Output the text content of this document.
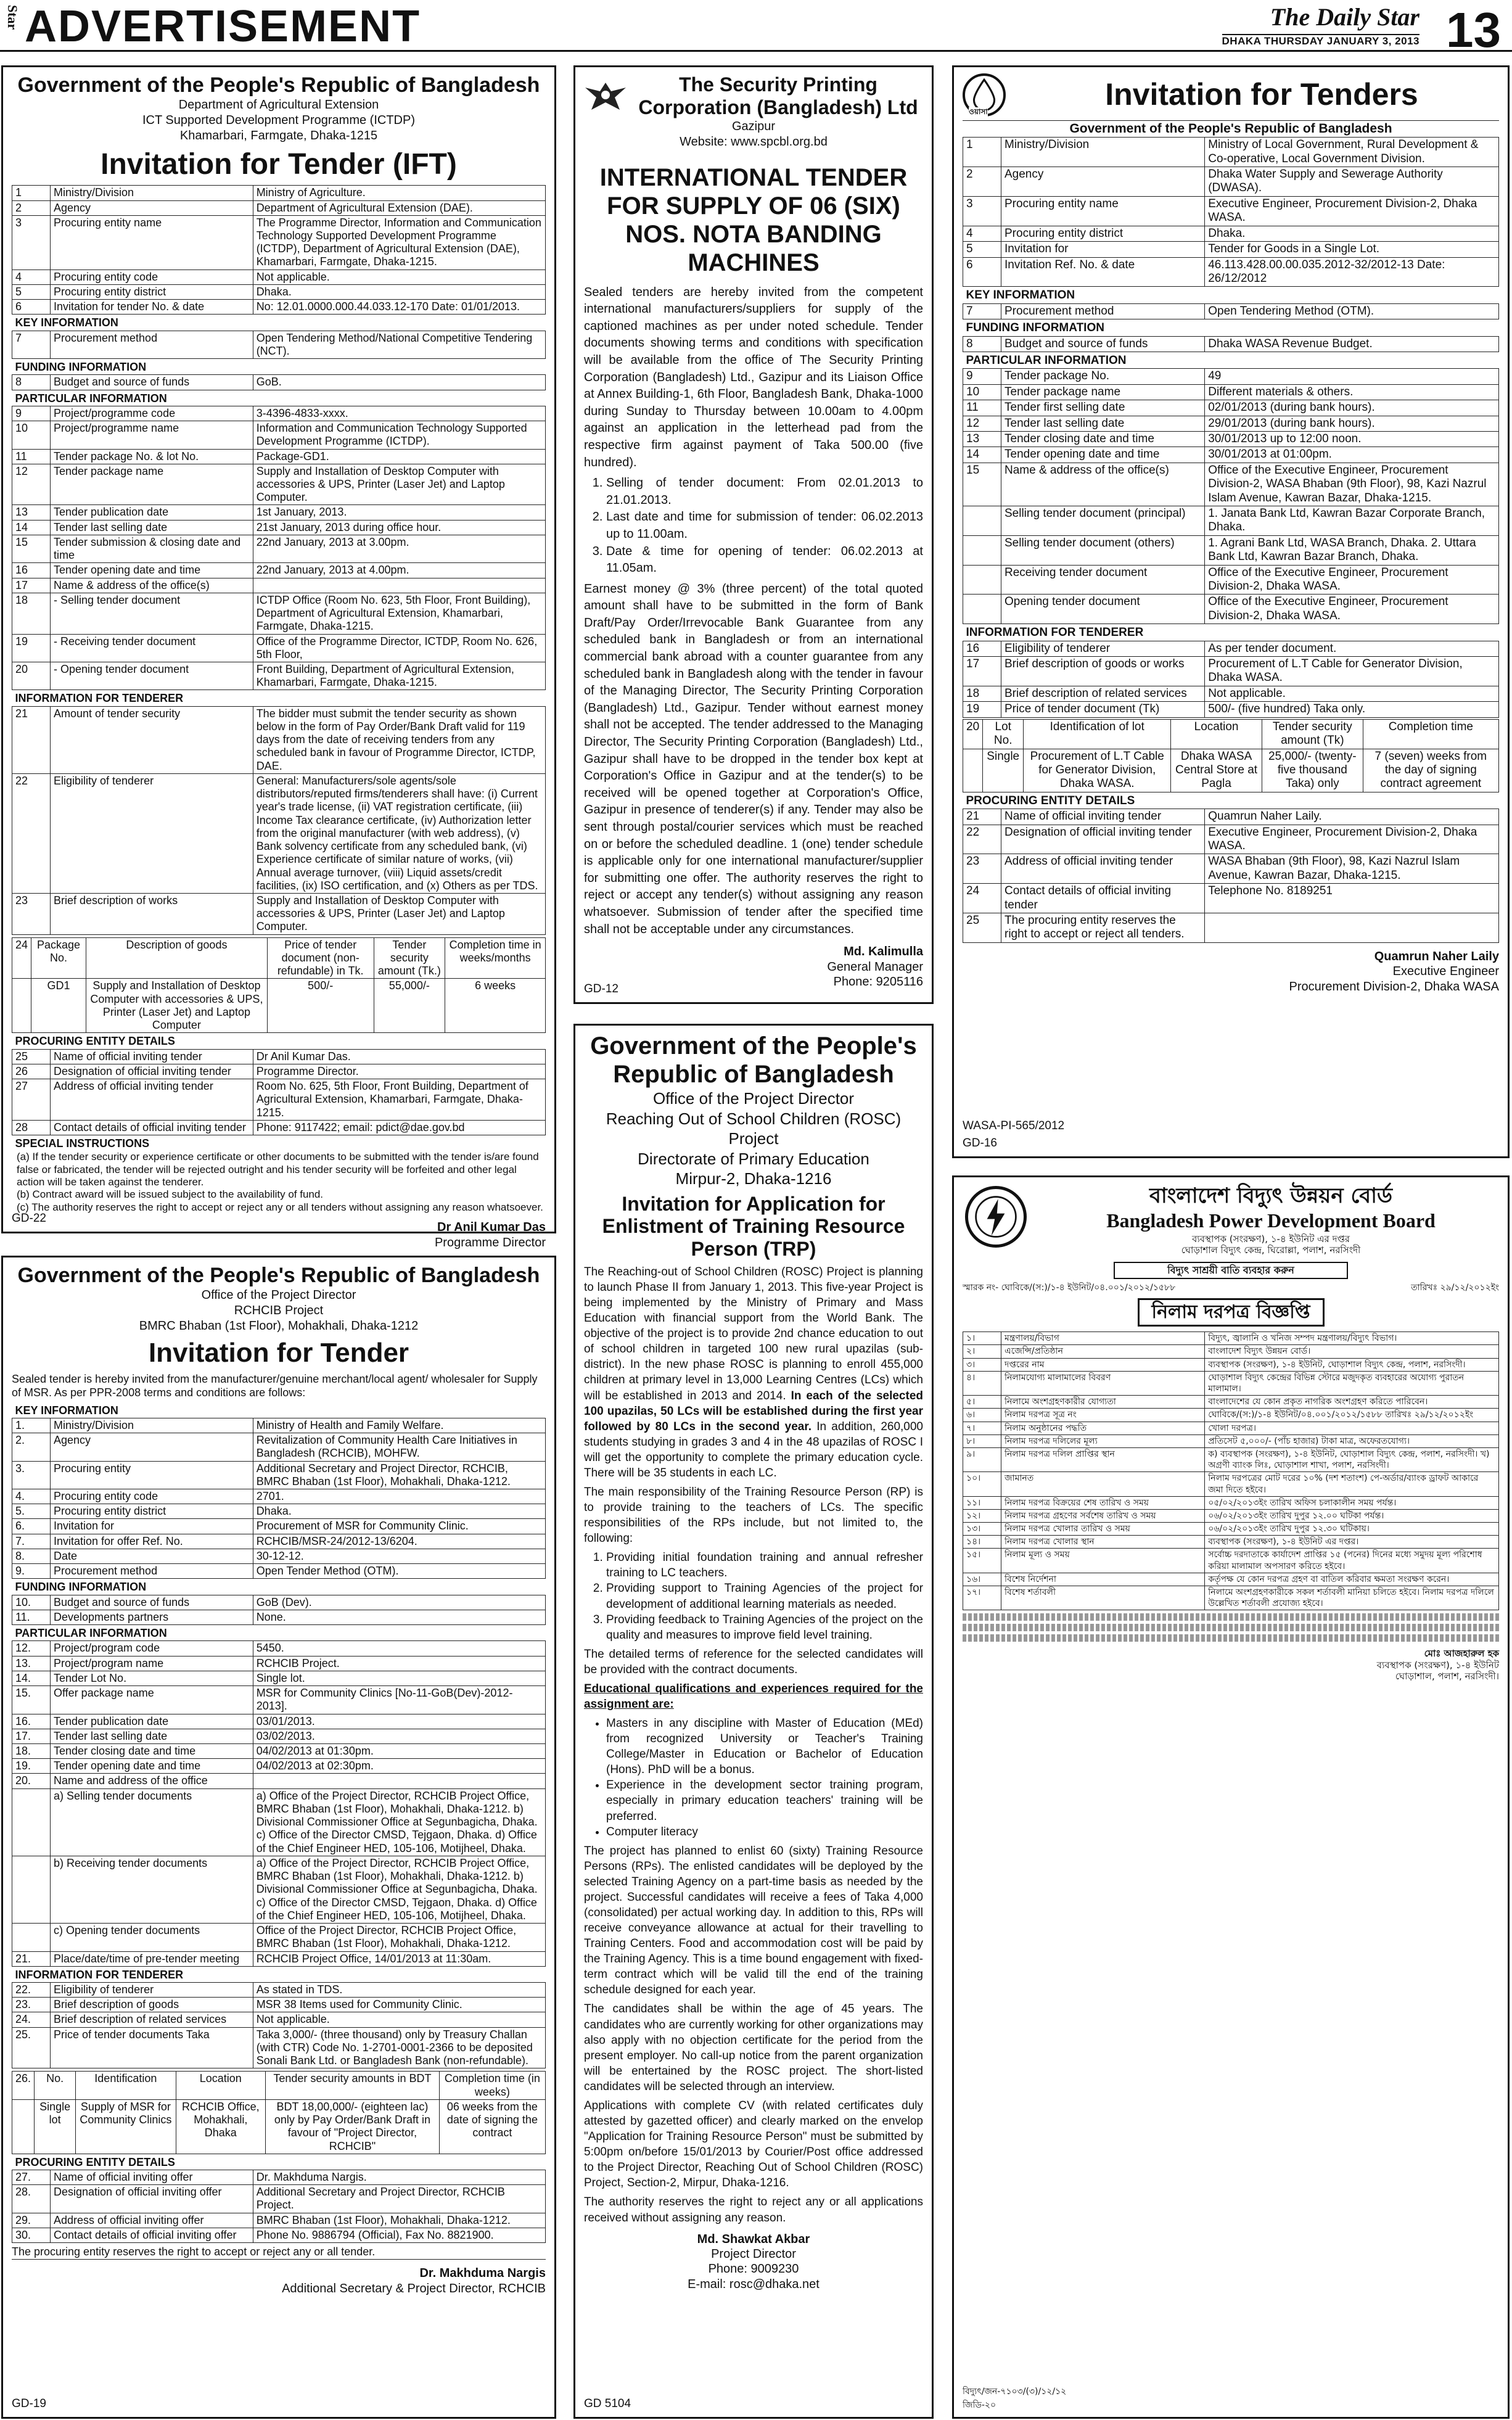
Star ADVERTISEMENT	The Daily Star
DHAKA THURSDAY JANUARY 3, 2013 13
Government of the People's Republic of Bangladesh
Department of Agricultural Extension
ICT Supported Development Programme (ICTDP)
Khamarbari, Farmgate, Dhaka-1215
Invitation for Tender (IFT)
1	Ministry/Division	Ministry of Agriculture.
2	Agency	Department of Agricultural Extension (DAE).
3	Procuring entity name	The Programme Director, Information and Communication Technology Supported Development Programme (ICTDP), Department of Agricultural Extension (DAE), Khamarbari, Farmgate, Dhaka-1215.
4	Procuring entity code	Not applicable.
5	Procuring entity district	Dhaka.
6	Invitation for tender No. & date	No: 12.01.0000.000.44.033.12-170 Date: 01/01/2013.
KEY INFORMATION		
7	Procurement method	Open Tendering Method/National Competitive Tendering (NCT).
FUNDING INFORMATION		
8	Budget and source of funds	GoB.
PARTICULAR INFORMATION		
9	Project/programme code	3-4396-4833-xxxx.
10	Project/programme name	Information and Communication Technology Supported Development Programme (ICTDP).
11	Tender package No. & lot No.	Package-GD1.
12	Tender package name	Supply and Installation of Desktop Computer with accessories & UPS, Printer (Laser Jet) and Laptop Computer.
13	Tender publication date	1st January, 2013.
14	Tender last selling date	21st January, 2013 during office hour.
15	Tender submission & closing date and time	22nd January, 2013 at 3.00pm.
16	Tender opening date and time	22nd January, 2013 at 4.00pm.
17	Name & address of the office(s)	
18	- Selling tender document	ICTDP Office (Room No. 623, 5th Floor, Front Building), Department of Agricultural Extension, Khamarbari, Farmgate, Dhaka-1215.
19	- Receiving tender document	Office of the Programme Director, ICTDP, Room No. 626, 5th Floor,
20	- Opening tender document	Front Building, Department of Agricultural Extension, Khamarbari, Farmgate, Dhaka-1215.
INFORMATION FOR TENDERER		
21	Amount of tender security	The bidder must submit the tender security as shown below in the form of Pay Order/Bank Draft valid for 119 days from the date of receiving tenders from any scheduled bank in favour of Programme Director, ICTDP, DAE.
22	Eligibility of tenderer	General: Manufacturers/sole agents/sole distributors/reputed firms/tenderers shall have: (i) Current year's trade license, (ii) VAT registration certificate, (iii) Income Tax clearance certificate, (iv) Authorization letter from the original manufacturer (with web address), (v) Bank solvency certificate from any scheduled bank, (vi) Experience certificate of similar nature of works, (vii) Annual average turnover, (viii) Liquid assets/credit facilities, (ix) ISO certification, and (x) Others as per TDS.
23	Brief description of works	Supply and Installation of Desktop Computer with accessories & UPS, Printer (Laser Jet) and Laptop Computer.
24	Package No.	Description of goods	Price of tender document (non-refundable) in Tk.	Tender security amount (Tk.)	Completion time in weeks/months
	GD1	Supply and Installation of Desktop Computer with accessories & UPS, Printer (Laser Jet) and Laptop Computer	500/-	55,000/-	6 weeks
PROCURING ENTITY DETAILS		
25	Name of official inviting tender	Dr Anil Kumar Das.
26	Designation of official inviting tender	Programme Director.
27	Address of official inviting tender	Room No. 625, 5th Floor, Front Building, Department of Agricultural Extension, Khamarbari, Farmgate, Dhaka-1215.
28	Contact details of official inviting tender	Phone: 9117422; email: pdict@dae.gov.bd
SPECIAL INSTRUCTIONS		
(a) If the tender security or experience certificate or other documents to be submitted with the tender is/are found false or fabricated, the tender will be rejected outright and his tender security will be forfeited and other legal action will be taken against the tenderer.
(b) Contract award will be issued subject to the availability of fund.
(c) The authority reserves the right to accept or reject any or all tenders without assigning any reason whatsoever.
Dr Anil Kumar Das
Programme Director
GD-22
Government of the People's Republic of Bangladesh
Office of the Project Director
RCHCIB Project
BMRC Bhaban (1st Floor), Mohakhali, Dhaka-1212
Invitation for Tender
Sealed tender is hereby invited from the manufacturer/genuine merchant/local agent/ wholesaler for Supply of MSR. As per PPR-2008 terms and conditions are follows:
KEY INFORMATION		
1.	Ministry/Division	Ministry of Health and Family Welfare.
2.	Agency	Revitalization of Community Health Care Initiatives in Bangladesh (RCHCIB), MOHFW.
3.	Procuring entity	Additional Secretary and Project Director, RCHCIB, BMRC Bhaban (1st Floor), Mohakhali, Dhaka-1212.
4.	Procuring entity code	2701.
5.	Procuring entity district	Dhaka.
6.	Invitation for	Procurement of MSR for Community Clinic.
7.	Invitation for offer Ref. No.	RCHCIB/MSR-24/2012-13/6204.
8.	Date	30-12-12.
9.	Procurement method	Open Tender Method (OTM).
FUNDING INFORMATION		
10.	Budget and source of funds	GoB (Dev).
11.	Developments partners	None.
PARTICULAR INFORMATION		
12.	Project/program code	5450.
13.	Project/program name	RCHCIB Project.
14.	Tender Lot No.	Single lot.
15.	Offer package name	MSR for Community Clinics [No-11-GoB(Dev)-2012-2013].
16.	Tender publication date	03/01/2013.
17.	Tender last selling date	03/02/2013.
18.	Tender closing date and time	04/02/2013 at 01:30pm.
19.	Tender opening date and time	04/02/2013 at 02:30pm.
20.	Name and address of the office	
	a) Selling tender documents	a) Office of the Project Director, RCHCIB Project Office, BMRC Bhaban (1st Floor), Mohakhali, Dhaka-1212. b) Divisional Commissioner Office at Segunbagicha, Dhaka. c) Office of the Director CMSD, Tejgaon, Dhaka. d) Office of the Chief Engineer HED, 105-106, Motijheel, Dhaka.
	b) Receiving tender documents	a) Office of the Project Director, RCHCIB Project Office, BMRC Bhaban (1st Floor), Mohakhali, Dhaka-1212. b) Divisional Commissioner Office at Segunbagicha, Dhaka. c) Office of the Director CMSD, Tejgaon, Dhaka. d) Office of the Chief Engineer HED, 105-106, Motijheel, Dhaka.
	c) Opening tender documents	Office of the Project Director, RCHCIB Project Office, BMRC Bhaban (1st Floor), Mohakhali, Dhaka-1212.
21.	Place/date/time of pre-tender meeting	RCHCIB Project Office, 14/01/2013 at 11:30am.
INFORMATION FOR TENDERER		
22.	Eligibility of tenderer	As stated in TDS.
23.	Brief description of goods	MSR 38 Items used for Community Clinic.
24.	Brief description of related services	Not applicable.
25.	Price of tender documents Taka	Taka 3,000/- (three thousand) only by Treasury Challan (with CTR) Code No. 1-2701-0001-2366 to be deposited Sonali Bank Ltd. or Bangladesh Bank (non-refundable).
26.	No.	Identification	Location	Tender security amounts in BDT	Completion time (in weeks)
	Single lot	Supply of MSR for Community Clinics	RCHCIB Office, Mohakhali, Dhaka	BDT 18,00,000/- (eighteen lac) only by Pay Order/Bank Draft in favour of "Project Director, RCHCIB"	06 weeks from the date of signing the contract
PROCURING ENTITY DETAILS		
27.	Name of official inviting offer	Dr. Makhduma Nargis.
28.	Designation of official inviting offer	Additional Secretary and Project Director, RCHCIB Project.
29.	Address of official inviting offer	BMRC Bhaban (1st Floor), Mohakhali, Dhaka-1212.
30.	Contact details of official inviting offer	Phone No. 9886794 (Official), Fax No. 8821900.
The procuring entity reserves the right to accept or reject any or all tender.
Dr. Makhduma Nargis
Additional Secretary & Project Director, RCHCIB
GD-19
The Security Printing Corporation (Bangladesh) Ltd
Gazipur
Website: www.spcbl.org.bd
INTERNATIONAL TENDER FOR SUPPLY OF 06 (SIX) NOS. NOTA BANDING MACHINES

Sealed tenders are hereby invited from the competent international manufacturers/suppliers for supply of the captioned machines as per under noted schedule. Tender documents showing terms and conditions with specification will be available from the office of The Security Printing Corporation (Bangladesh) Ltd., Gazipur and its Liaison Office at Annex Building-1, 6th Floor, Bangladesh Bank, Dhaka-1000 during Sunday to Thursday between 10.00am to 4.00pm against an application in the letterhead pad from the respective firm against payment of Taka 500.00 (five hundred).

1. Selling of tender document: From 02.01.2013 to 21.01.2013.
2. Last date and time for submission of tender: 06.02.2013 up to 11.00am.
3. Date & time for opening of tender: 06.02.2013 at 11.05am.

Earnest money @ 3% (three percent) of the total quoted amount shall have to be submitted in the form of Bank Draft/Pay Order/Irrevocable Bank Guarantee from any scheduled bank in Bangladesh or from an international commercial bank abroad with a counter guarantee from any scheduled bank in Bangladesh along with the tender in favour of the Managing Director, The Security Printing Corporation (Bangladesh) Ltd., Gazipur. Tender without earnest money shall not be accepted. The tender addressed to the Managing Director, The Security Printing Corporation (Bangladesh) Ltd., Gazipur shall have to be dropped in the tender box kept at Corporation's Office in Gazipur and at the tender(s) to be received will be opened together at Corporation's Office, Gazipur in presence of tenderer(s) if any. Tender may also be sent through postal/courier services which must be reached on or before the scheduled deadline. 1 (one) tender schedule is applicable only for one international manufacturer/supplier for submitting one offer. The authority reserves the right to reject or accept any tender(s) without assigning any reason whatsoever. Submission of tender after the specified time shall not be acceptable under any circumstances.

Md. Kalimulla
General Manager
Phone: 9205116
GD-12
Government of the People's Republic of Bangladesh
Office of the Project Director
Reaching Out of School Children (ROSC) Project
Directorate of Primary Education
Mirpur-2, Dhaka-1216
Invitation for Application for Enlistment of Training Resource Person (TRP)

The Reaching-out of School Children (ROSC) Project is planning to launch Phase II from January 1, 2013. This five-year Project is being implemented by the Ministry of Primary and Mass Education with financial support from the World Bank. The objective of the project is to provide 2nd chance education to out of school children in targeted 100 new rural upazilas (sub-district). In the new phase ROSC is planning to enroll 455,000 children at primary level in 13,000 Learning Centres (LCs) which will be established in 2013 and 2014. In each of the selected 100 upazilas, 50 LCs will be established during the first year followed by 80 LCs in the second year. In addition, 260,000 students studying in grades 3 and 4 in the 48 upazilas of ROSC I will get the opportunity to complete the primary education cycle. There will be 35 students in each LC.

The main responsibility of the Training Resource Person (RP) is to provide training to the teachers of LCs. The specific responsibilities of the RPs include, but not limited to, the following:

1. Providing initial foundation training and annual refresher training to LC teachers.
2. Providing support to Training Agencies of the project for development of additional learning materials as needed.
3. Providing feedback to Training Agencies of the project on the quality and measures to improve field level training.

The detailed terms of reference for the selected candidates will be provided with the contract documents.

Educational qualifications and experiences required for the assignment are:

• Masters in any discipline with Master of Education (MEd) from recognized University or Teacher's Training College/Master in Education or Bachelor of Education (Hons). PhD will be a bonus.
• Experience in the development sector training program, especially in primary education teachers' training will be preferred.
• Computer literacy

The project has planned to enlist 60 (sixty) Training Resource Persons (RPs). The enlisted candidates will be deployed by the selected Training Agency on a part-time basis as needed by the project. Successful candidates will receive a fees of Taka 4,000 (consolidated) per actual working day. In addition to this, RPs will receive conveyance allowance at actual for their travelling to Training Centers. Food and accommodation cost will be paid by the Training Agency. This is a time bound engagement with fixed-term contract which will be valid till the end of the training schedule designed for each year.

The candidates shall be within the age of 45 years. The candidates who are currently working for other organizations may also apply with no objection certificate for the period from the present employer. No call-up notice from the parent organization will be entertained by the ROSC project. The short-listed candidates will be selected through an interview.

Applications with complete CV (with related certificates duly attested by gazetted officer) and clearly marked on the envelop "Application for Training Resource Person" must be submitted by 5:00pm on/before 15/01/2013 by Courier/Post office addressed to the Project Director, Reaching Out of School Children (ROSC) Project, Section-2, Mirpur, Dhaka-1216.

The authority reserves the right to reject any or all applications received without assigning any reason.

Md. Shawkat Akbar
Project Director
Phone: 9009230
E-mail: rosc@dhaka.net
GD 5104
ওয়াসা
Invitation for Tenders
Government of the People's Republic of Bangladesh
1	Ministry/Division	Ministry of Local Government, Rural Development & Co-operative, Local Government Division.
2	Agency	Dhaka Water Supply and Sewerage Authority (DWASA).
3	Procuring entity name	Executive Engineer, Procurement Division-2, Dhaka WASA.
4	Procuring entity district	Dhaka.
5	Invitation for	Tender for Goods in a Single Lot.
6	Invitation Ref. No. & date	46.113.428.00.00.035.2012-32/2012-13 Date: 26/12/2012
KEY INFORMATION		
7	Procurement method	Open Tendering Method (OTM).
FUNDING INFORMATION		
8	Budget and source of funds	Dhaka WASA Revenue Budget.
PARTICULAR INFORMATION		
9	Tender package No.	49
10	Tender package name	Different materials & others.
11	Tender first selling date	02/01/2013 (during bank hours).
12	Tender last selling date	29/01/2013 (during bank hours).
13	Tender closing date and time	30/01/2013 up to 12:00 noon.
14	Tender opening date and time	30/01/2013 at 01:00pm.
15	Name & address of the office(s)	Office of the Executive Engineer, Procurement Division-2, WASA Bhaban (9th Floor), 98, Kazi Nazrul Islam Avenue, Kawran Bazar, Dhaka-1215.
	Selling tender document (principal)	1. Janata Bank Ltd, Kawran Bazar Corporate Branch, Dhaka.
	Selling tender document (others)	1. Agrani Bank Ltd, WASA Branch, Dhaka. 2. Uttara Bank Ltd, Kawran Bazar Branch, Dhaka.
	Receiving tender document	Office of the Executive Engineer, Procurement Division-2, Dhaka WASA.
	Opening tender document	Office of the Executive Engineer, Procurement Division-2, Dhaka WASA.
INFORMATION FOR TENDERER		
16	Eligibility of tenderer	As per tender document.
17	Brief description of goods or works	Procurement of L.T Cable for Generator Division, Dhaka WASA.
18	Brief description of related services	Not applicable.
19	Price of tender document (Tk)	500/- (five hundred) Taka only.
20	Lot No.	Identification of lot	Location	Tender security amount (Tk)	Completion time
	Single	Procurement of L.T Cable for Generator Division, Dhaka WASA.	Dhaka WASA Central Store at Pagla	25,000/- (twenty-five thousand Taka) only	7 (seven) weeks from the day of signing contract agreement
PROCURING ENTITY DETAILS		
21	Name of official inviting tender	Quamrun Naher Laily.
22	Designation of official inviting tender	Executive Engineer, Procurement Division-2, Dhaka WASA.
23	Address of official inviting tender	WASA Bhaban (9th Floor), 98, Kazi Nazrul Islam Avenue, Kawran Bazar, Dhaka-1215.
24	Contact details of official inviting tender	Telephone No. 8189251
25	The procuring entity reserves the right to accept or reject all tenders.	
Quamrun Naher Laily
Executive Engineer
Procurement Division-2, Dhaka WASA
WASA-PI-565/2012
GD-16
বাংলাদেশ বিদ্যুৎ উন্নয়ন বোর্ড
Bangladesh Power Development Board
ব্যবস্থাপক (সংরক্ষণ), ১-৪ ইউনিট এর দপ্তর
ঘোড়াশাল বিদ্যুৎ কেন্দ্র, ঘিরোল্লা, পলাশ, নরসিংদী
বিদ্যুৎ সাশ্রয়ী বাতি ব্যবহার করুন
স্মারক নং- ঘোবিকে/(স:)/১-৪ ইউনিট/০৪.০০১/২০১২/১৫৮৮	তারিখঃ ২৯/১২/২০১২ইং
নিলাম দরপত্র বিজ্ঞপ্তি
১।	মন্ত্রণালয়/বিভাগ	বিদ্যুৎ, জ্বালানি ও খনিজ সম্পদ মন্ত্রণালয়/বিদ্যুৎ বিভাগ।
২।	এজেন্সি/প্রতিষ্ঠান	বাংলাদেশ বিদ্যুৎ উন্নয়ন বোর্ড।
৩।	দপ্তরের নাম	ব্যবস্থাপক (সংরক্ষণ), ১-৪ ইউনিট, ঘোড়াশাল বিদ্যুৎ কেন্দ্র, পলাশ, নরসিংদী।
৪।	নিলামযোগ্য মালামালের বিবরণ	ঘোড়াশাল বিদ্যুৎ কেন্দ্রের বিভিন্ন স্টোরে মজুদকৃত ব্যবহারের অযোগ্য পুরাতন মালামাল।
৫।	নিলামে অংশগ্রহণকারীর যোগ্যতা	বাংলাদেশের যে কোন প্রকৃত নাগরিক অংশগ্রহণ করিতে পারিবেন।
৬।	নিলাম দরপত্র সূত্র নং	ঘোবিকে/(স:)/১-৪ ইউনিট/০৪.০০১/২০১২/১৫৮৮ তারিখঃ ২৯/১২/২০১২ইং
৭।	নিলাম অনুষ্ঠানের পদ্ধতি	খোলা দরপত্র।
৮।	নিলাম দরপত্র দলিলের মূল্য	প্রতিসেট ৫,০০০/- (পাঁচ হাজার) টাকা মাত্র, অফেরতযোগ্য।
৯।	নিলাম দরপত্র দলিল প্রাপ্তির স্থান	ক) ব্যবস্থাপক (সংরক্ষণ), ১-৪ ইউনিট, ঘোড়াশাল বিদ্যুৎ কেন্দ্র, পলাশ, নরসিংদী। খ) অগ্রণী ব্যাংক লিঃ, ঘোড়াশাল শাখা, পলাশ, নরসিংদী।
১০।	জামানত	নিলাম দরপত্রের মোট দরের ১০% (দশ শতাংশ) পে-অর্ডার/ব্যাংক ড্রাফট আকারে জমা দিতে হইবে।
১১।	নিলাম দরপত্র বিক্রয়ের শেষ তারিখ ও সময়	০৫/০২/২০১৩ইং তারিখ অফিস চলাকালীন সময় পর্যন্ত।
১২।	নিলাম দরপত্র গ্রহণের সর্বশেষ তারিখ ও সময়	০৬/০২/২০১৩ইং তারিখ দুপুর ১২.০০ ঘটিকা পর্যন্ত।
১৩।	নিলাম দরপত্র খোলার তারিখ ও সময়	০৬/০২/২০১৩ইং তারিখ দুপুর ১২.৩০ ঘটিকায়।
১৪।	নিলাম দরপত্র খোলার স্থান	ব্যবস্থাপক (সংরক্ষণ), ১-৪ ইউনিট এর দপ্তর।
১৫।	নিলাম মূল্য ও সময়	সর্বোচ্চ দরদাতাকে কার্যাদেশ প্রাপ্তির ১৫ (পনের) দিনের মধ্যে সমুদয় মূল্য পরিশোধ করিয়া মালামাল অপসারণ করিতে হইবে।
১৬।	বিশেষ নির্দেশনা	কর্তৃপক্ষ যে কোন দরপত্র গ্রহণ বা বাতিল করিবার ক্ষমতা সংরক্ষণ করেন।
১৭।	বিশেষ শর্তাবলী	নিলামে অংশগ্রহণকারীকে সকল শর্তাবলী মানিয়া চলিতে হইবে। নিলাম দরপত্র দলিলে উল্লেখিত শর্তাবলী প্রযোজ্য হইবে।
মোঃ আজহারুল হক
ব্যবস্থাপক (সংরক্ষণ), ১-৪ ইউনিট
ঘোড়াশাল, পলাশ, নরসিংদী।
বিদ্যুৎ/জন-৭১০৩/(৩)/১২/১২
জিডি-২০
